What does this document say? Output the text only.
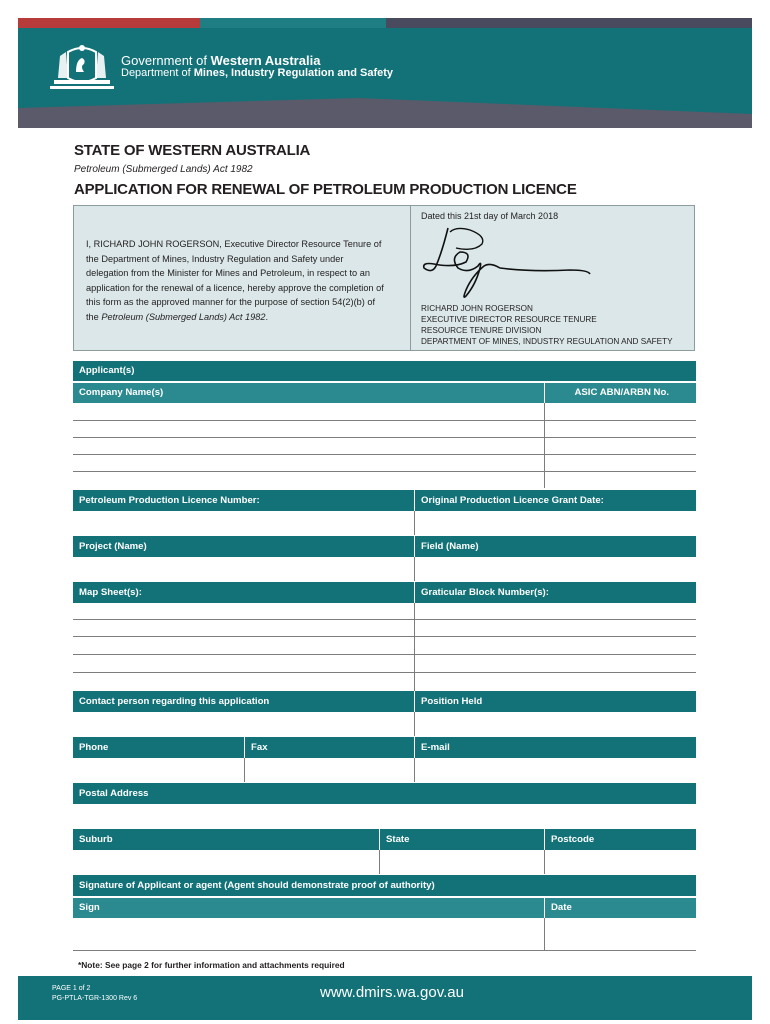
Government of Western Australia
Department of Mines, Industry Regulation and Safety
STATE OF WESTERN AUSTRALIA
Petroleum (Submerged Lands) Act 1982
APPLICATION FOR RENEWAL OF PETROLEUM PRODUCTION LICENCE
I, RICHARD JOHN ROGERSON, Executive Director Resource Tenure of the Department of Mines, Industry Regulation and Safety under delegation from the Minister for Mines and Petroleum, in respect to an application for the renewal of a licence, hereby approve the completion of this form as the approved manner for the purpose of section 54(2)(b) of the Petroleum (Submerged Lands) Act 1982.
Dated this 21st day of March 2018
RICHARD JOHN ROGERSON
EXECUTIVE DIRECTOR RESOURCE TENURE
RESOURCE TENURE DIVISION
DEPARTMENT OF MINES, INDUSTRY REGULATION AND SAFETY
Applicant(s)
Company Name(s)	ASIC ABN/ARBN No.
Petroleum Production Licence Number:	Original Production Licence Grant Date:
Project (Name)	Field (Name)
Map Sheet(s):	Graticular Block Number(s):
Contact person regarding this application	Position Held
Phone	Fax	E-mail
Postal Address
Suburb	State	Postcode
Signature of Applicant or agent (Agent should demonstrate proof of authority)
Sign	Date
*Note: See page 2 for further information and attachments required
PAGE 1 of 2
PG-PTLA-TGR-1300 Rev 6	www.dmirs.wa.gov.au
